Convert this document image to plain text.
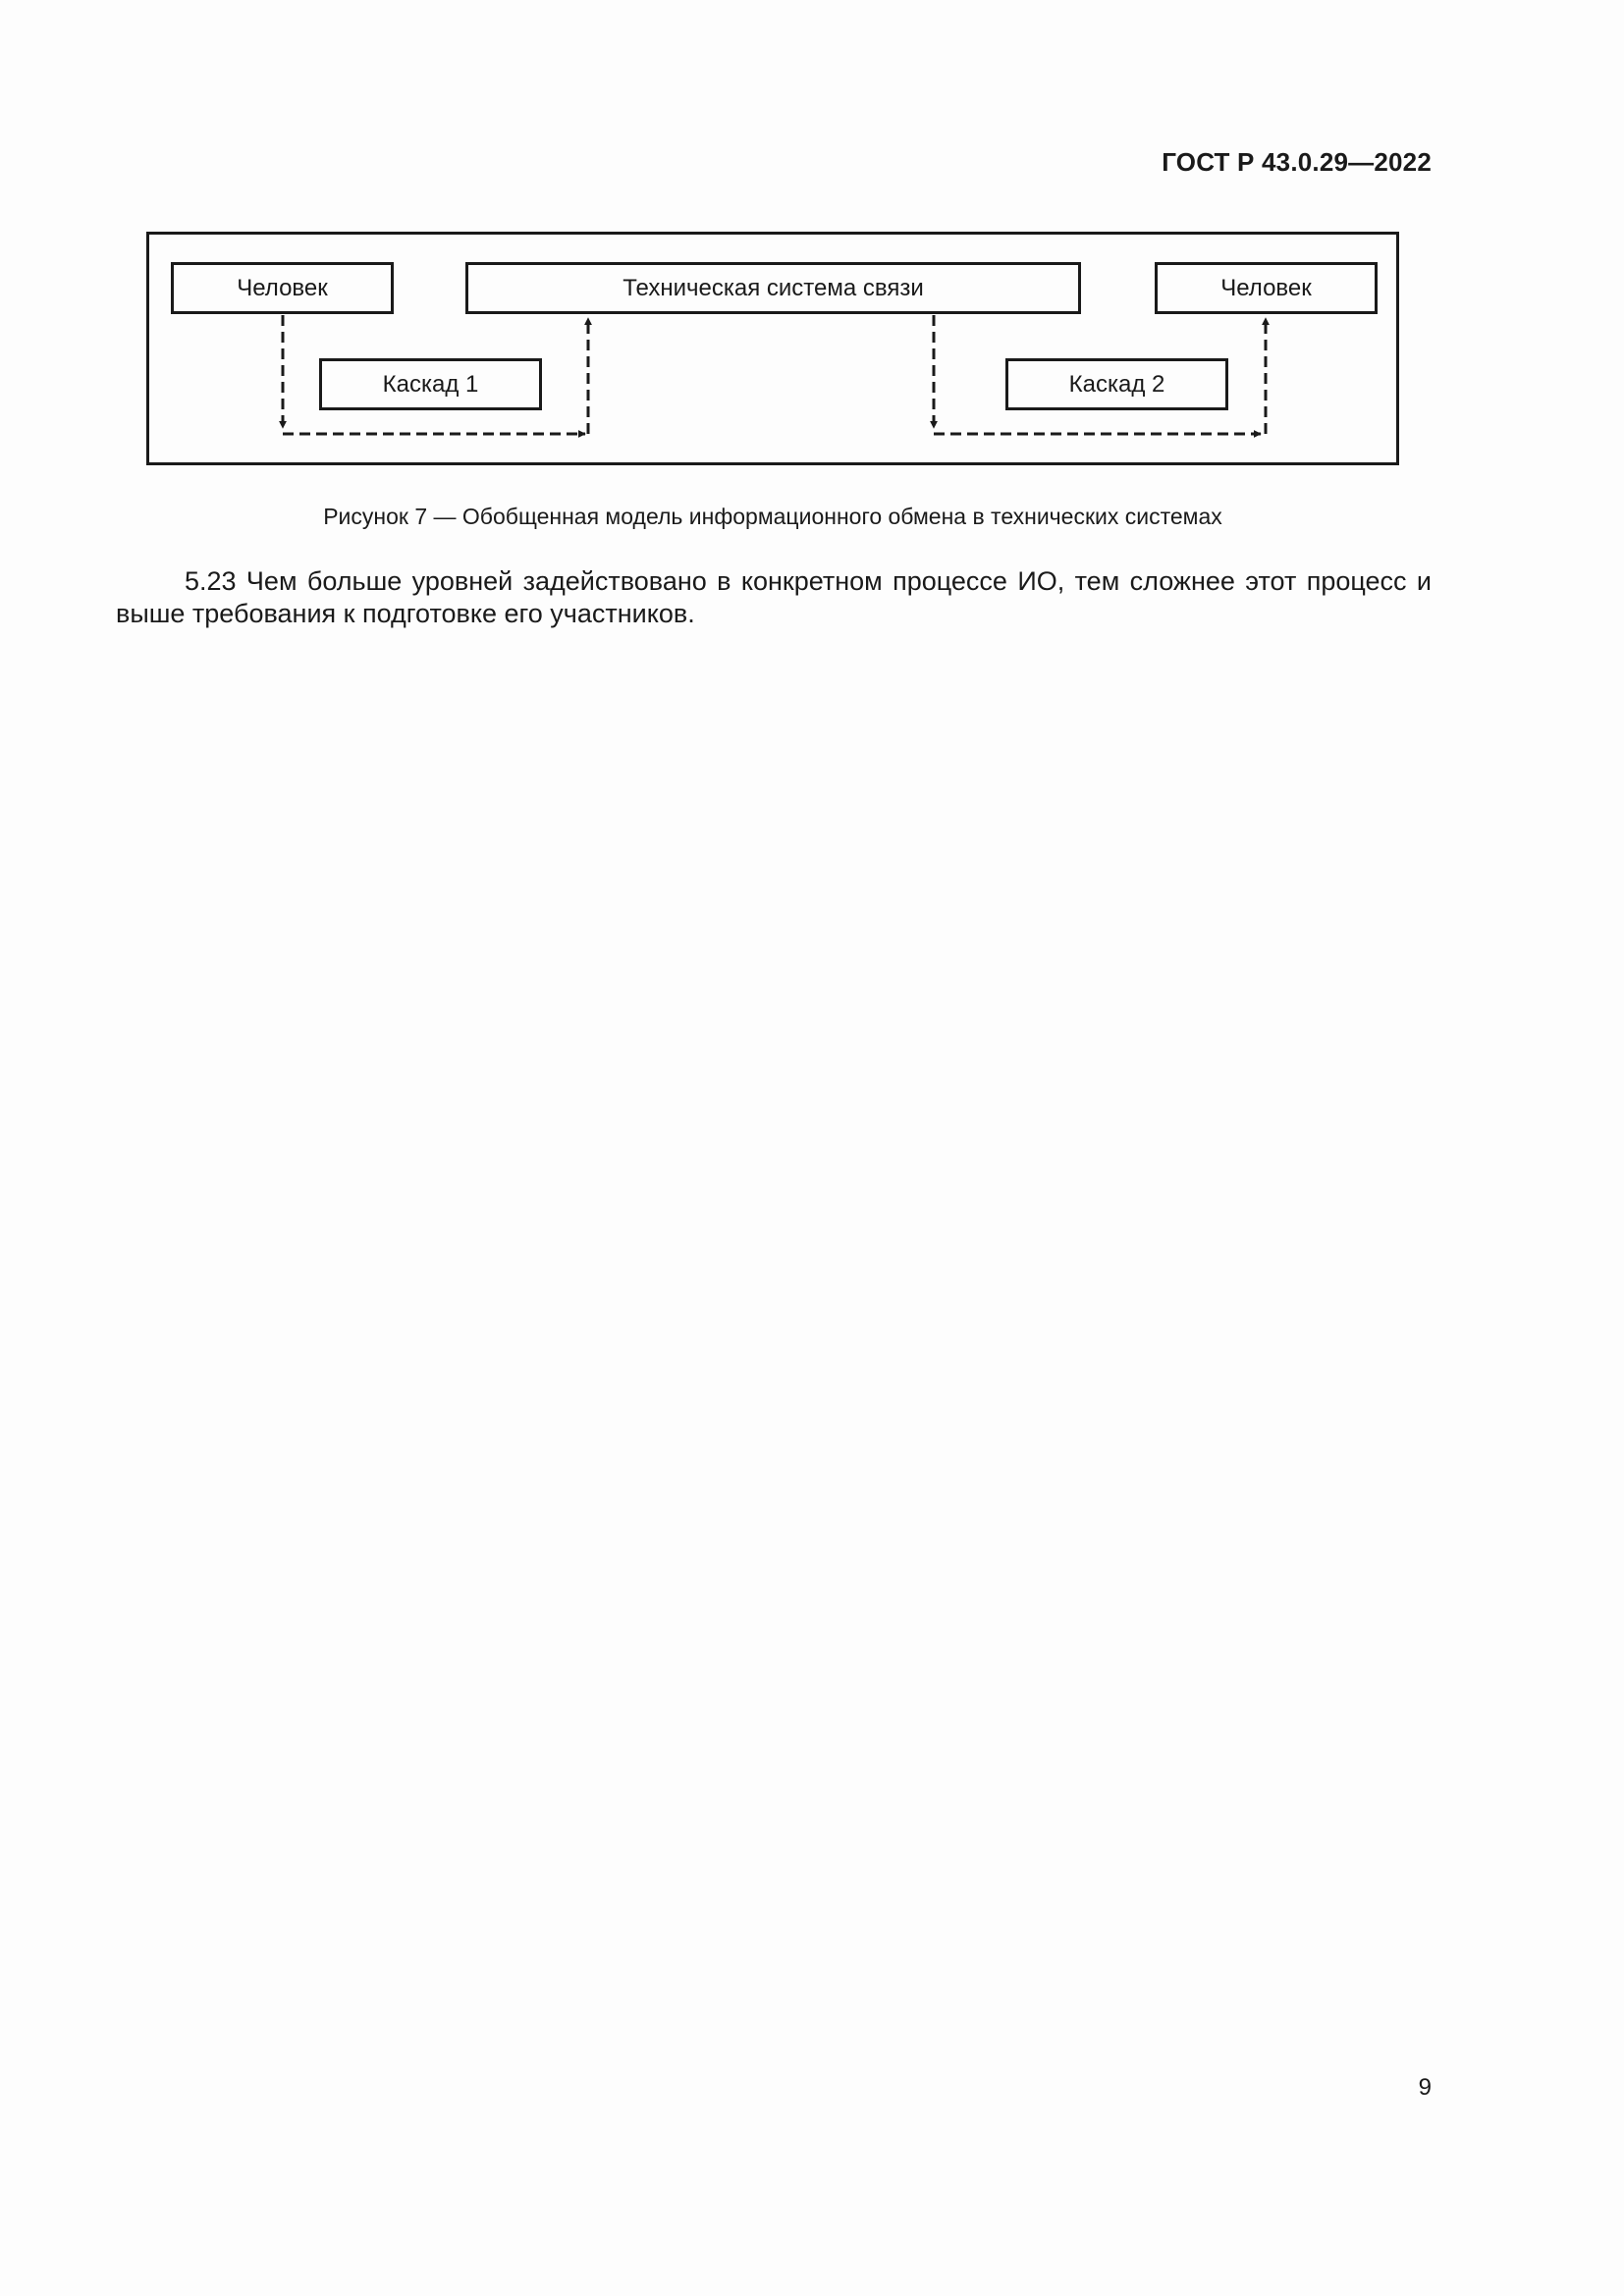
ГОСТ Р 43.0.29—2022
Человек	Техническая система связи	Человек
Каскад 1	Каскад 2
Рисунок 7 — Обобщенная модель информационного обмена в технических системах

5.23 Чем больше уровней задействовано в конкретном процессе ИО, тем сложнее этот процесс и выше требования к подготовке его участников.

9
